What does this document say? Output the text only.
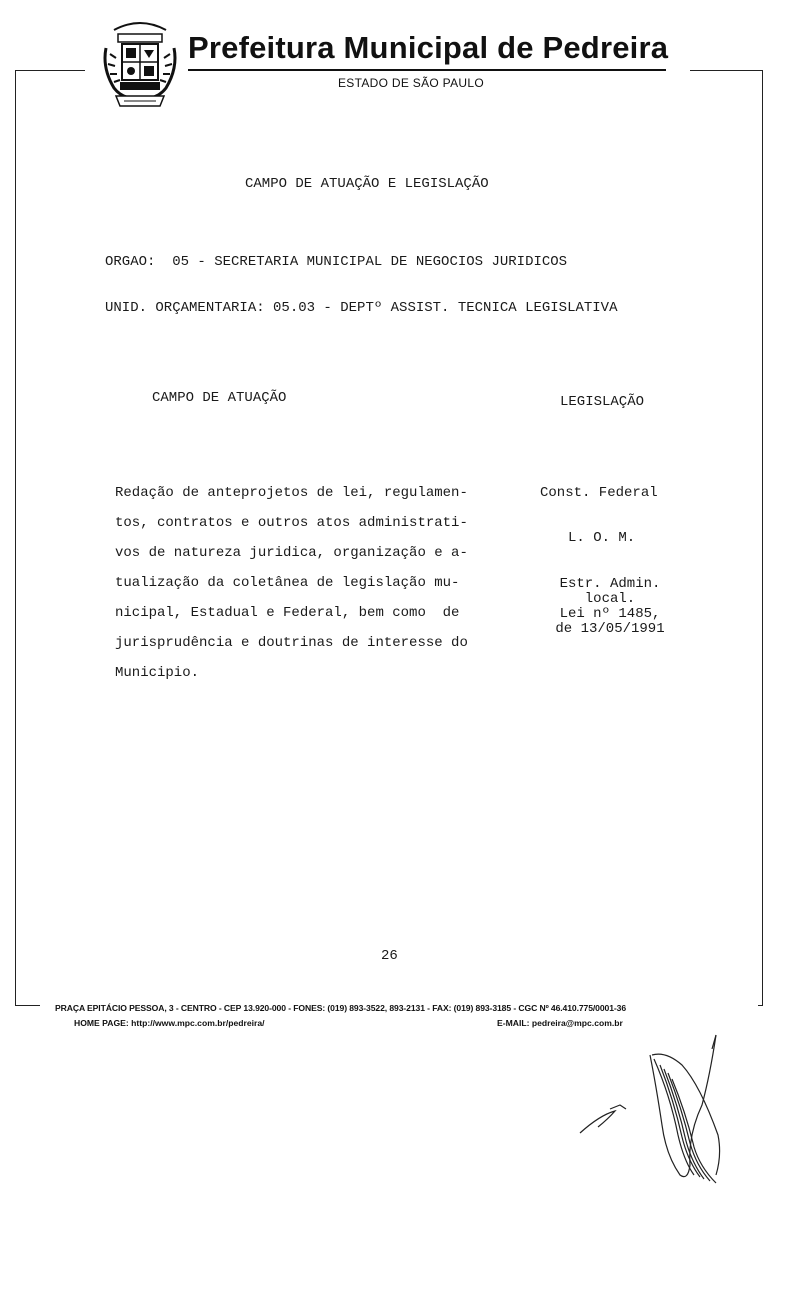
Prefeitura Municipal de Pedreira
ESTADO DE SÃO PAULO
CAMPO DE ATUAÇÃO E LEGISLAÇÃO
ORGAO:  05 - SECRETARIA MUNICIPAL DE NEGOCIOS JURIDICOS
UNID. ORÇAMENTARIA: 05.03 - DEPTº ASSIST. TECNICA LEGISLATIVA
CAMPO DE ATUAÇÃO	LEGISLAÇÃO
Redação de anteprojetos de lei, regulamen-
tos, contratos e outros atos administrati-
vos de natureza juridica, organização e a-
tualização da coletânea de legislação mu-
nicipal, Estadual e Federal, bem como  de
jurisprudência e doutrinas de interesse do
Municipio.
Const. Federal
L. O. M.
Estr. Admin.
local.
Lei nº 1485,
de 13/05/1991
26
PRAÇA EPITÁCIO PESSOA, 3 - CENTRO - CEP 13.920-000 - FONES: (019) 893-3522, 893-2131 - FAX: (019) 893-3185 - CGC Nº 46.410.775/0001-36
HOME PAGE: http://www.mpc.com.br/pedreira/	E-MAIL: pedreira@mpc.com.br
